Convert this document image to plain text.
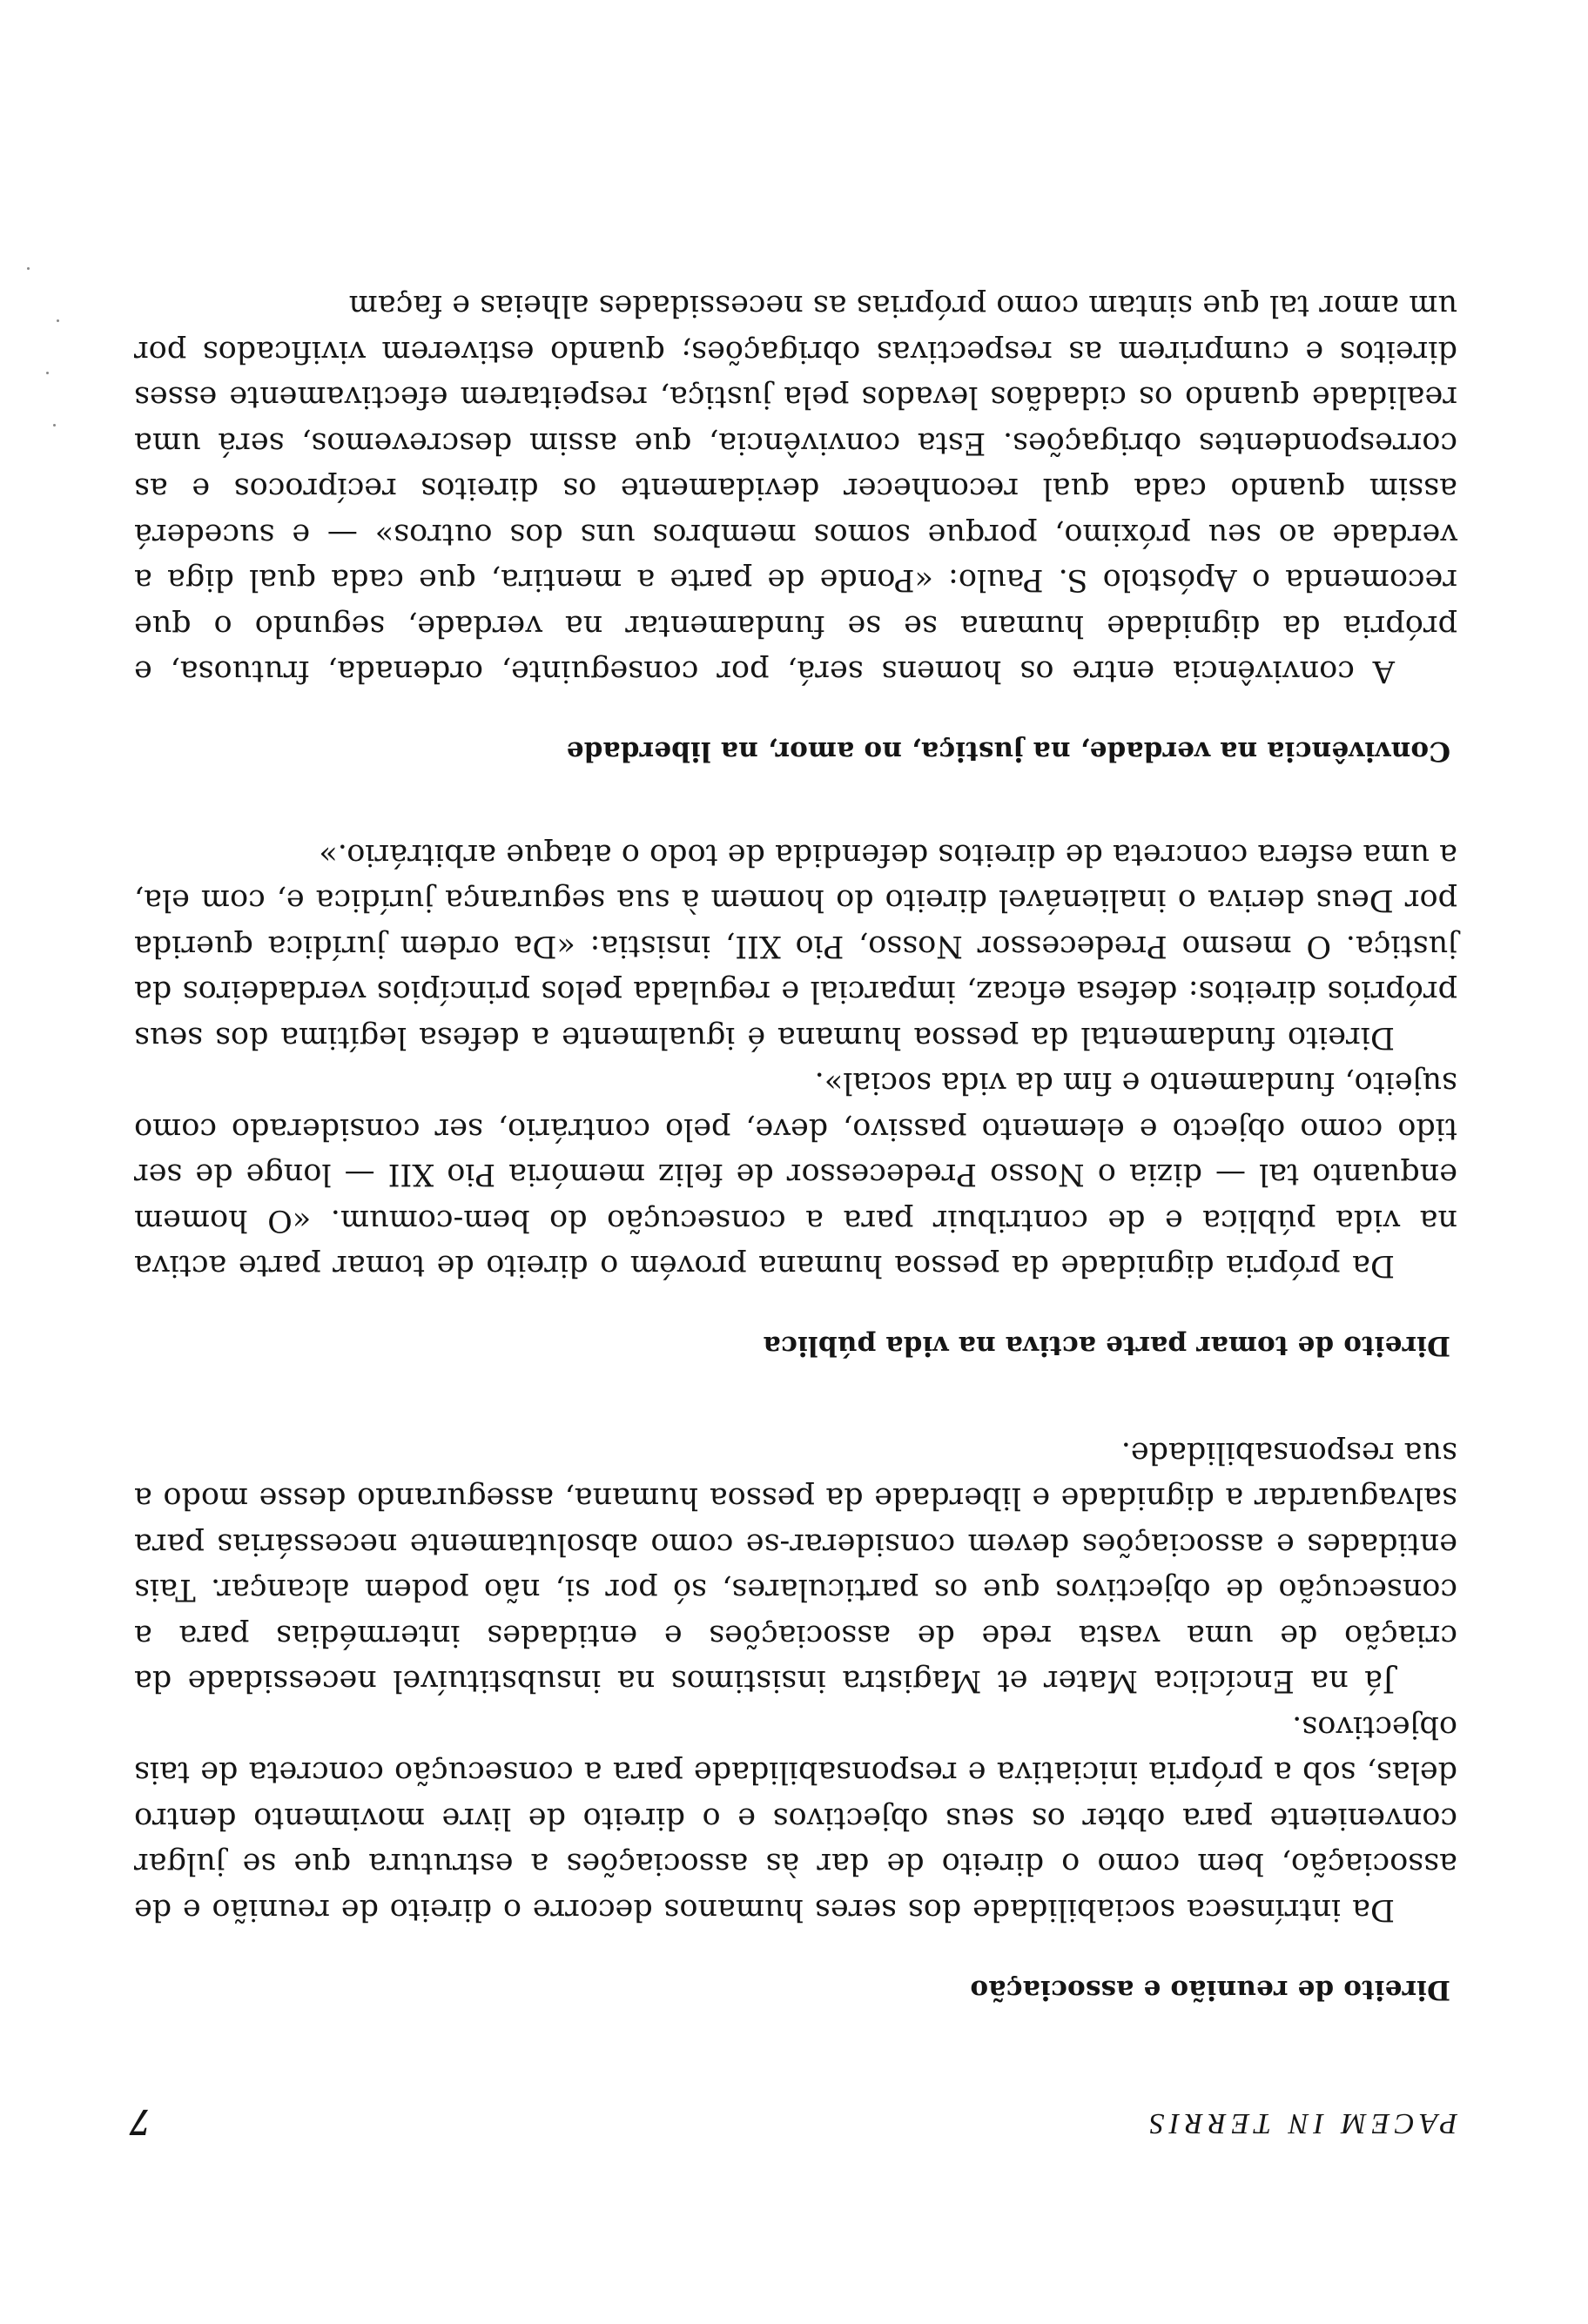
PACEM IN TERRIS
7
Direito de reunião e associação

Da intrínseca sociabilidade dos seres humanos decorre o direito de reunião e de associação, bem como o direito de dar às associações a estrutura que se julgar conveniente para obter os seus objectivos e o direito de livre movimento dentro delas, sob a própria iniciativa e responsabilidade para a consecução concreta de tais objectivos.

Já na Encíclica Mater et Magistra insistimos na insubstituível necessidade da criação de uma vasta rede de associações e entidades intermédias para a consecução de objectivos que os particulares, só por si, não podem alcançar. Tais entidades e associações devem considerar-se como absolutamente necessárias para salvaguardar a dignidade e liberdade da pessoa humana, assegurando desse modo a sua responsabilidade.

Direito de tomar parte activa na vida pública

Da própria dignidade da pessoa humana provém o direito de tomar parte activa na vida pública e de contribuir para a consecução do bem-comum. «O homem enquanto tal — dizia o Nosso Predecessor de feliz memória Pio XII — longe de ser tido como objecto e elemento passivo, deve, pelo contrário, ser considerado como sujeito, fundamento e fim da vida social».

Direito fundamental da pessoa humana é igualmente a defesa legítima dos seus próprios direitos: defesa eficaz, imparcial e regulada pelos princípios verdadeiros da justiça. O mesmo Predecessor Nosso, Pio XII, insistia: «Da ordem jurídica querida por Deus deriva o inalienável direito do homem à sua segurança jurídica e, com ela, a uma esfera concreta de direitos defendida de todo o ataque arbitrário.»

Convivência na verdade, na justiça, no amor, na liberdade

A convivência entre os homens será, por conseguinte, ordenada, frutuosa, e própria da dignidade humana se se fundamentar na verdade, segundo o que recomenda o Apóstolo S. Paulo: «Ponde de parte a mentira, que cada qual diga a verdade ao seu próximo, porque somos membros uns dos outros» — e sucederá assim quando cada qual reconhecer devidamente os direitos recíprocos e as correspondentes obrigações. Esta convivência, que assim descrevemos, será uma realidade quando os cidadãos levados pela justiça, respeitarem efectivamente esses direitos e cumprirem as respectivas obrigações; quando estiverem vivificados por um amor tal que sintam como próprias as necessidades alheias e façam
